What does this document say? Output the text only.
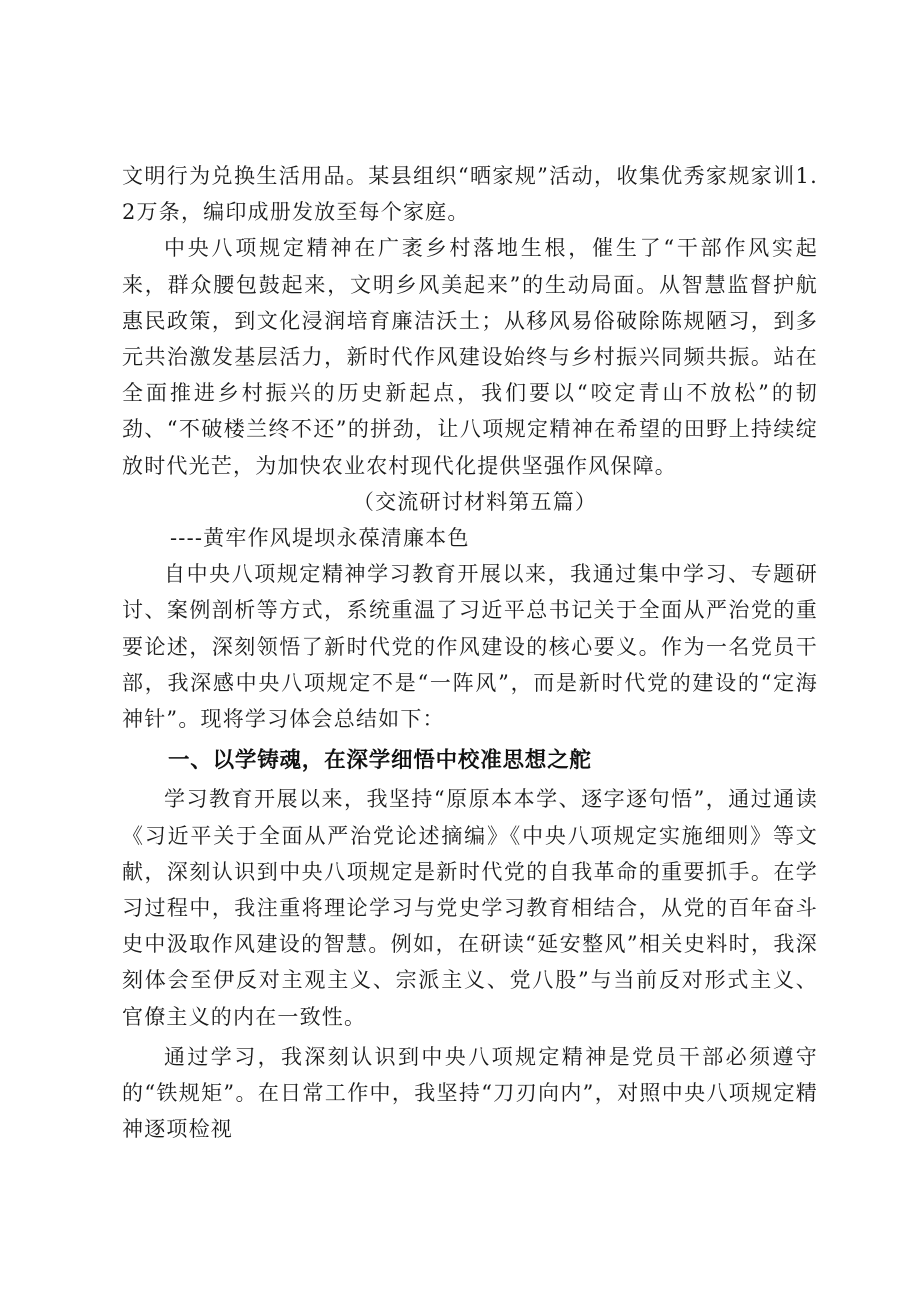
文明行为兑换生活用品。某县组织“晒家规”活动，收集优秀家规家训1.2万条，编印成册发放至每个家庭。

中央八项规定精神在广袤乡村落地生根，催生了“干部作风实起来，群众腰包鼓起来，文明乡风美起来”的生动局面。从智慧监督护航惠民政策，到文化浸润培育廉洁沃土；从移风易俗破除陈规陋习，到多元共治激发基层活力，新时代作风建设始终与乡村振兴同频共振。站在全面推进乡村振兴的历史新起点，我们要以“咬定青山不放松”的韧劲、“不破楼兰终不还”的拼劲，让八项规定精神在希望的田野上持续绽放时代光芒，为加快农业农村现代化提供坚强作风保障。

（交流研讨材料第五篇）

----黄牢作风堤坝永葆清廉本色

自中央八项规定精神学习教育开展以来，我通过集中学习、专题研讨、案例剖析等方式，系统重温了习近平总书记关于全面从严治党的重要论述，深刻领悟了新时代党的作风建设的核心要义。作为一名党员干部，我深感中央八项规定不是“一阵风”，而是新时代党的建设的“定海神针”。现将学习体会总结如下：

一、以学铸魂，在深学细悟中校准思想之舵

学习教育开展以来，我坚持“原原本本学、逐字逐句悟”，通过通读《习近平关于全面从严治党论述摘编》《中央八项规定实施细则》等文献，深刻认识到中央八项规定是新时代党的自我革命的重要抓手。在学习过程中，我注重将理论学习与党史学习教育相结合，从党的百年奋斗史中汲取作风建设的智慧。例如，在研读“延安整风”相关史料时，我深刻体会至伊反对主观主义、宗派主义、党八股”与当前反对形式主义、官僚主义的内在一致性。

通过学习，我深刻认识到中央八项规定精神是党员干部必须遵守的“铁规矩”。在日常工作中，我坚持“刀刃向内”，对照中央八项规定精神逐项检视
